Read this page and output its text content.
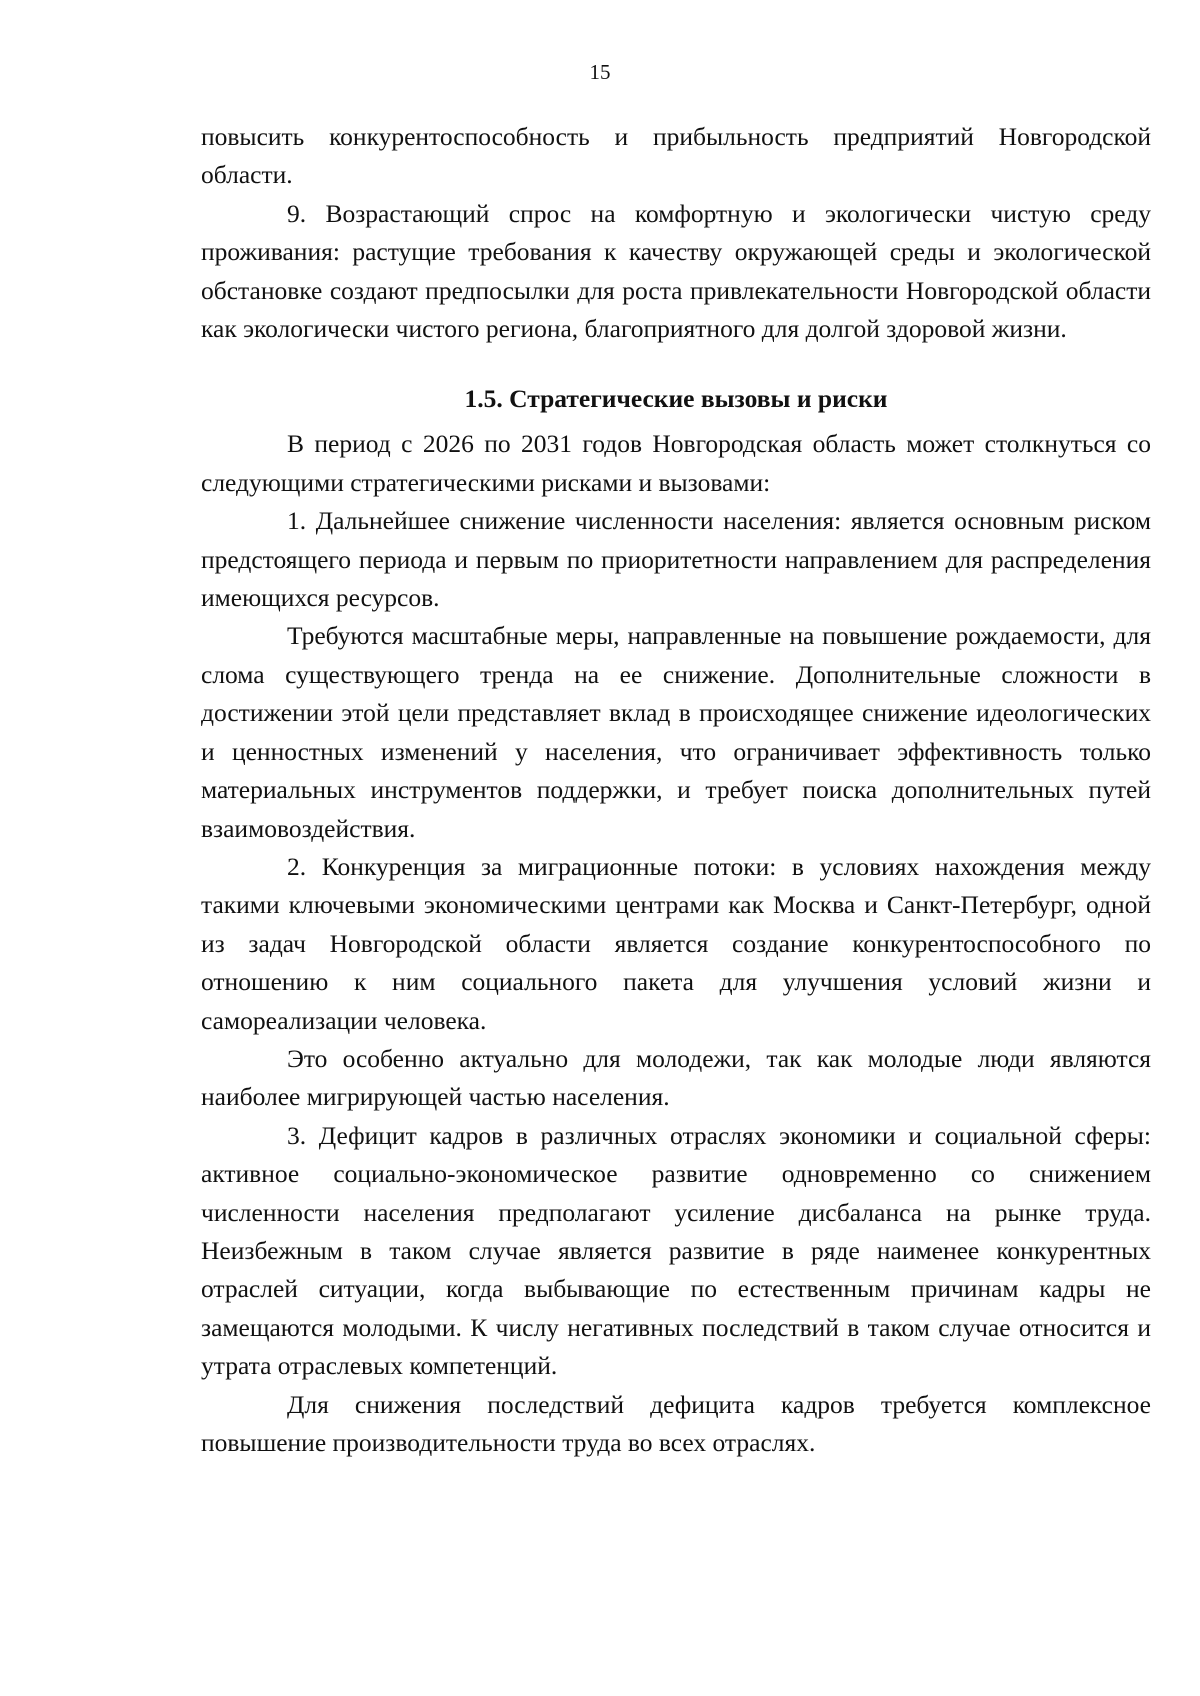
15

повысить конкурентоспособность и прибыльность предприятий Новгородской области.

9. Возрастающий спрос на комфортную и экологически чистую среду проживания: растущие требования к качеству окружающей среды и экологической обстановке создают предпосылки для роста привлекательности Новгородской области как экологически чистого региона, благоприятного для долгой здоровой жизни.

1.5. Стратегические вызовы и риски

В период с 2026 по 2031 годов Новгородская область может столкнуться со следующими стратегическими рисками и вызовами:

1. Дальнейшее снижение численности населения: является основным риском предстоящего периода и первым по приоритетности направлением для распределения имеющихся ресурсов.

Требуются масштабные меры, направленные на повышение рождаемости, для слома существующего тренда на ее снижение. Дополнительные сложности в достижении этой цели представляет вклад в происходящее снижение идеологических и ценностных изменений у населения, что ограничивает эффективность только материальных инструментов поддержки, и требует поиска дополнительных путей взаимовоздействия.

2. Конкуренция за миграционные потоки: в условиях нахождения между такими ключевыми экономическими центрами как Москва и Санкт-Петербург, одной из задач Новгородской области является создание конкурентоспособного по отношению к ним социального пакета для улучшения условий жизни и самореализации человека.

Это особенно актуально для молодежи, так как молодые люди являются наиболее мигрирующей частью населения.

3. Дефицит кадров в различных отраслях экономики и социальной сферы: активное социально-экономическое развитие одновременно со снижением численности населения предполагают усиление дисбаланса на рынке труда. Неизбежным в таком случае является развитие в ряде наименее конкурентных отраслей ситуации, когда выбывающие по естественным причинам кадры не замещаются молодыми. К числу негативных последствий в таком случае относится и утрата отраслевых компетенций.

Для снижения последствий дефицита кадров требуется комплексное повышение производительности труда во всех отраслях.
